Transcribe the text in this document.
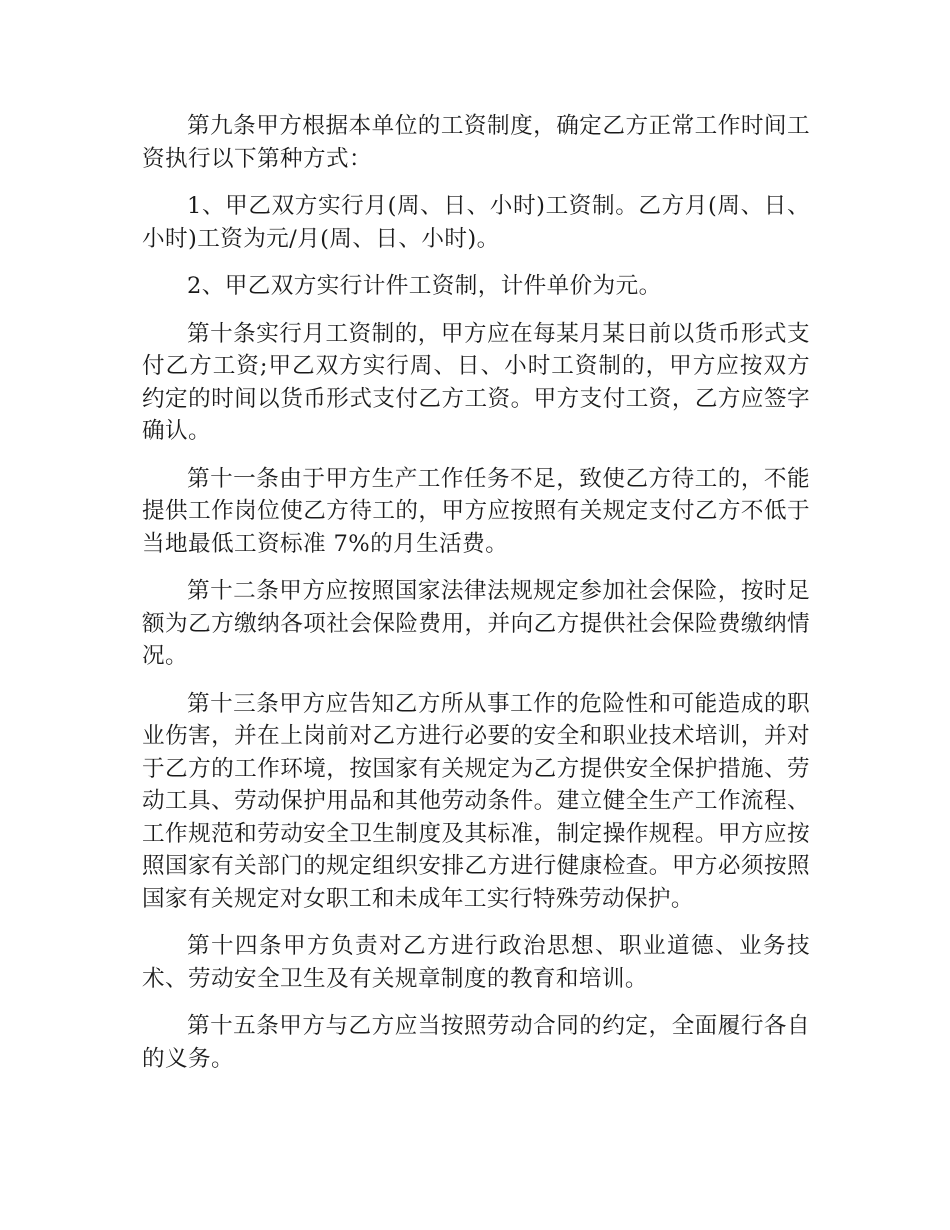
第九条甲方根据本单位的工资制度，确定乙方正常工作时间工资执行以下第种方式：

1、甲乙双方实行月(周、日、小时)工资制。乙方月(周、日、小时)工资为元/月(周、日、小时)。

2、甲乙双方实行计件工资制，计件单价为元。

第十条实行月工资制的，甲方应在每某月某日前以货币形式支付乙方工资;甲乙双方实行周、日、小时工资制的，甲方应按双方约定的时间以货币形式支付乙方工资。甲方支付工资，乙方应签字确认。

第十一条由于甲方生产工作任务不足，致使乙方待工的，不能提供工作岗位使乙方待工的，甲方应按照有关规定支付乙方不低于当地最低工资标准 7%的月生活费。

第十二条甲方应按照国家法律法规规定参加社会保险，按时足额为乙方缴纳各项社会保险费用，并向乙方提供社会保险费缴纳情况。

第十三条甲方应告知乙方所从事工作的危险性和可能造成的职业伤害，并在上岗前对乙方进行必要的安全和职业技术培训，并对于乙方的工作环境，按国家有关规定为乙方提供安全保护措施、劳动工具、劳动保护用品和其他劳动条件。建立健全生产工作流程、工作规范和劳动安全卫生制度及其标准，制定操作规程。甲方应按照国家有关部门的规定组织安排乙方进行健康检查。甲方必须按照国家有关规定对女职工和未成年工实行特殊劳动保护。

第十四条甲方负责对乙方进行政治思想、职业道德、业务技术、劳动安全卫生及有关规章制度的教育和培训。

第十五条甲方与乙方应当按照劳动合同的约定，全面履行各自的义务。
